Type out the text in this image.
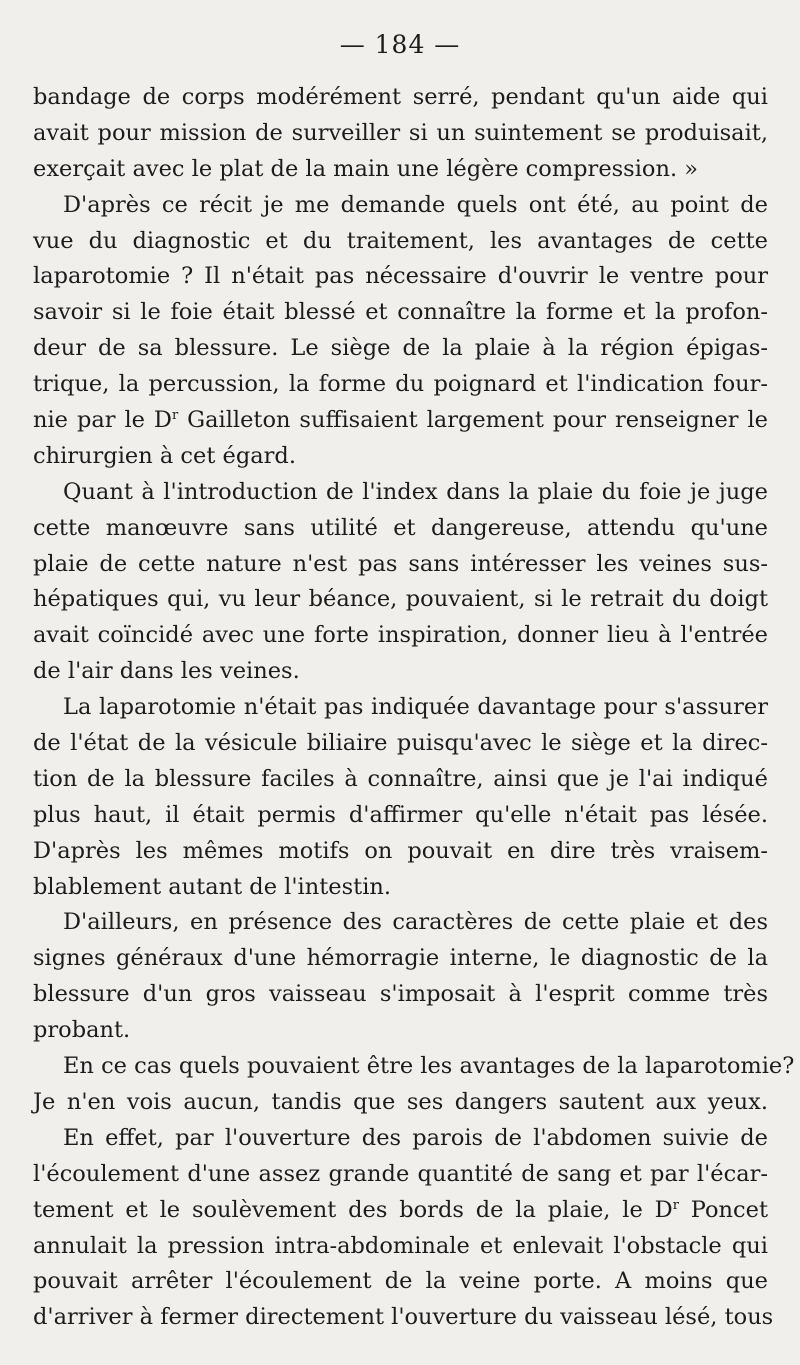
— 184 —
bandage de corps modérément serré, pendant qu'un aide qui
avait pour mission de surveiller si un suintement se produisait,
exerçait avec le plat de la main une légère compression. »
D'après ce récit je me demande quels ont été, au point de
vue du diagnostic et du traitement, les avantages de cette
laparotomie ? Il n'était pas nécessaire d'ouvrir le ventre pour
savoir si le foie était blessé et connaître la forme et la profon-
deur de sa blessure. Le siège de la plaie à la région épigas-
trique, la percussion, la forme du poignard et l'indication four-
nie par le $D^r$ Gailleton suffisaient largement pour renseigner le
chirurgien à cet égard.
Quant à l'introduction de l'index dans la plaie du foie je juge
cette manœuvre sans utilité et dangereuse, attendu qu'une
plaie de cette nature n'est pas sans intéresser les veines sus-
hépatiques qui, vu leur béance, pouvaient, si le retrait du doigt
avait coïncidé avec une forte inspiration, donner lieu à l'entrée
de l'air dans les veines.
La laparotomie n'était pas indiquée davantage pour s'assurer
de l'état de la vésicule biliaire puisqu'avec le siège et la direc-
tion de la blessure faciles à connaître, ainsi que je l'ai indiqué
plus haut, il était permis d'affirmer qu'elle n'était pas lésée.
D'après les mêmes motifs on pouvait en dire très vraisem-
blablement autant de l'intestin.
D'ailleurs, en présence des caractères de cette plaie et des
signes généraux d'une hémorragie interne, le diagnostic de la
blessure d'un gros vaisseau s'imposait à l'esprit comme très
probant.
En ce cas quels pouvaient être les avantages de la laparotomie?
Je n'en vois aucun, tandis que ses dangers sautent aux yeux.
En effet, par l'ouverture des parois de l'abdomen suivie de
l'écoulement d'une assez grande quantité de sang et par l'écar-
tement et le soulèvement des bords de la plaie, le $D^r$ Poncet
annulait la pression intra-abdominale et enlevait l'obstacle qui
pouvait arrêter l'écoulement de la veine porte. A moins que
d'arriver à fermer directement l'ouverture du vaisseau lésé, tous
